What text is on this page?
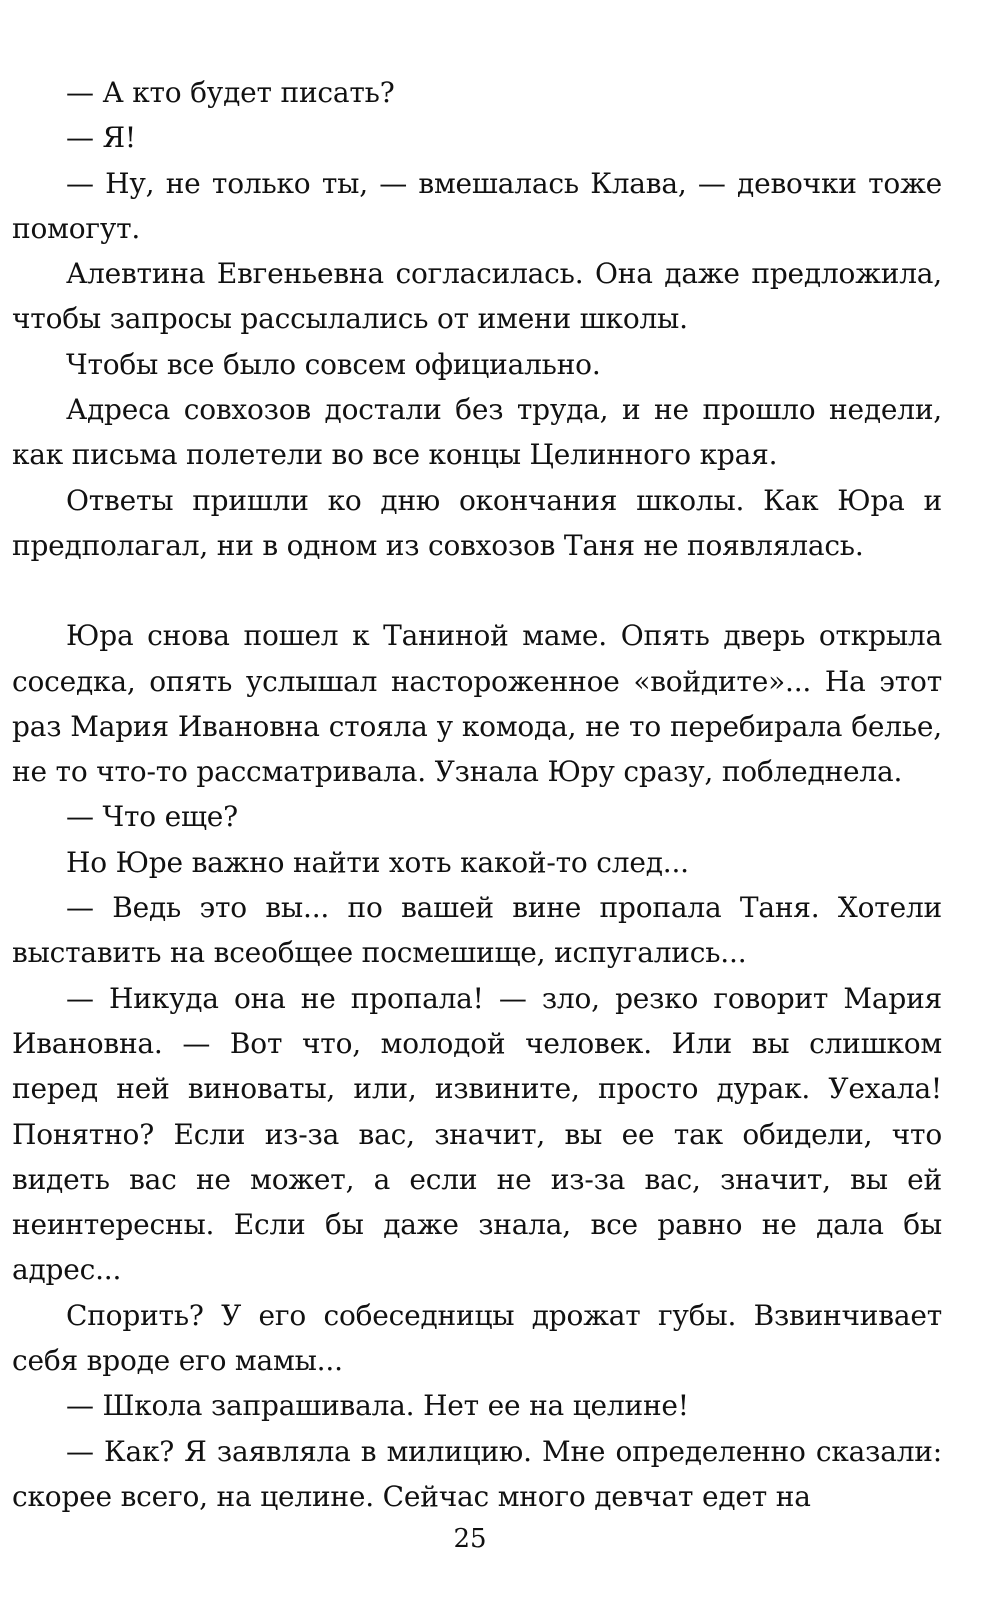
— А кто будет писать?

— Я!

— Ну, не только ты, — вмешалась Клава, — девочки тоже помогут.

Алевтина Евгеньевна согласилась. Она даже предложила, чтобы запросы рассылались от имени школы.

Чтобы все было совсем официально.

Адреса совхозов достали без труда, и не прошло недели, как письма полетели во все концы Целинного края.

Ответы пришли ко дню окончания школы. Как Юра и предполагал, ни в одном из совхозов Таня не появлялась.

Юра снова пошел к Таниной маме. Опять дверь открыла соседка, опять услышал настороженное «войдите»... На этот раз Мария Ивановна стояла у комода, не то перебирала белье, не то что-то рассматривала. Узнала Юру сразу, побледнела.

— Что еще?

Но Юре важно найти хоть какой-то след...

— Ведь это вы... по вашей вине пропала Таня. Хотели выставить на всеобщее посмешище, испугались...

— Никуда она не пропала! — зло, резко говорит Мария Ивановна. — Вот что, молодой человек. Или вы слишком перед ней виноваты, или, извините, просто дурак. Уехала! Понятно? Если из-за вас, значит, вы ее так обидели, что видеть вас не может, а если не из-за вас, значит, вы ей неинтересны. Если бы даже знала, все равно не дала бы адрес...

Спорить? У его собеседницы дрожат губы. Взвинчивает себя вроде его мамы...

— Школа запрашивала. Нет ее на целине!

— Как? Я заявляла в милицию. Мне определенно сказали: скорее всего, на целине. Сейчас много девчат едет на

25
